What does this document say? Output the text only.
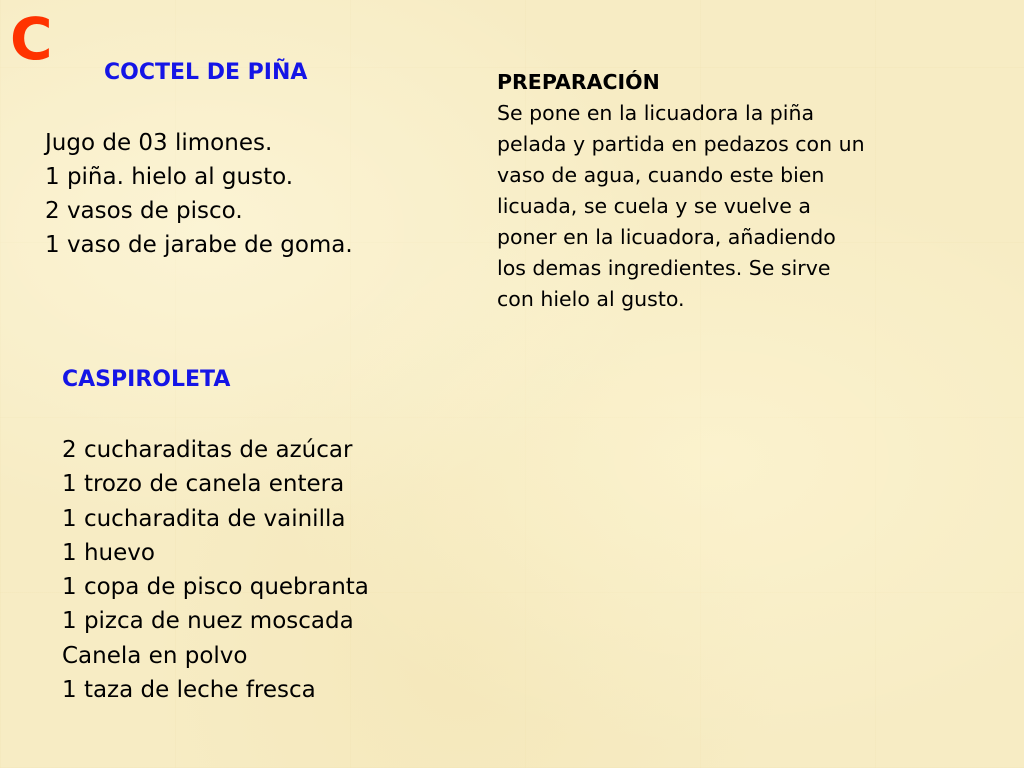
C COCTEL DE PIÑA
Jugo de 03 limones.
1 piña. hielo al gusto.
2 vasos de pisco.
1 vaso de jarabe de goma.
PREPARACIÓN
Se pone en la licuadora la piña
pelada y partida en pedazos con un
vaso de agua, cuando este bien
licuada, se cuela y se vuelve a
poner en la licuadora, añadiendo
los demas ingredientes. Se sirve
con hielo al gusto.
CASPIROLETA
2 cucharaditas de azúcar
1 trozo de canela entera
1 cucharadita de vainilla
1 huevo
1 copa de pisco quebranta
1 pizca de nuez moscada
Canela en polvo
1 taza de leche fresca
